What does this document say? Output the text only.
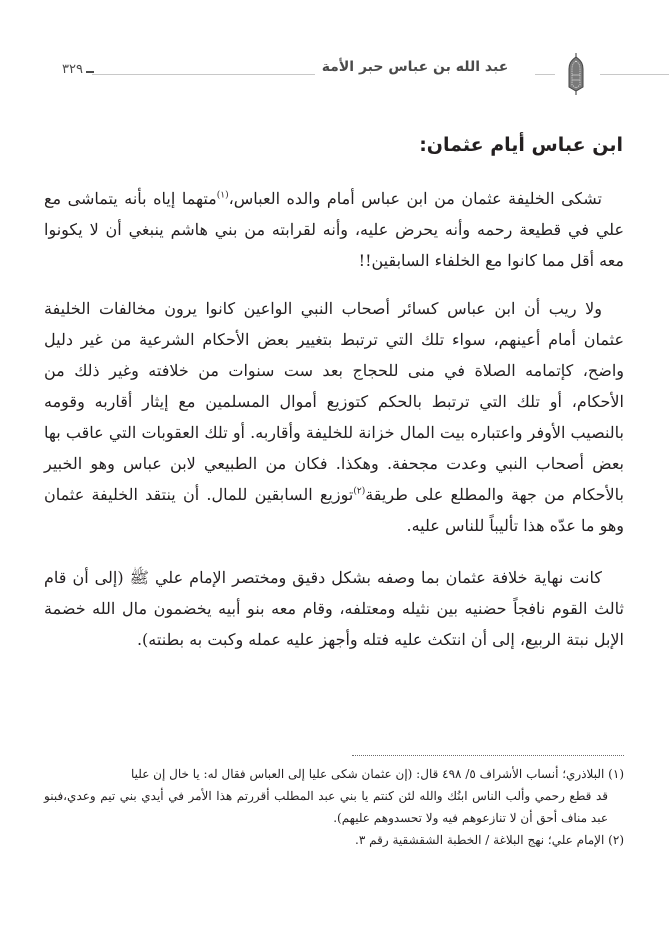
٣٢٩	عبد الله بن عباس حبر الأمة
ابن عباس أيام عثمان:

تشكى الخليفة عثمان من ابن عباس أمام والده العباس،$^{(١)}$متهما إياه بأنه يتماشى مع علي في قطيعة رحمه وأنه يحرض عليه، وأنه لقرابته من بني هاشم ينبغي أن لا يكونوا معه أقل مما كانوا مع الخلفاء السابقين!!

ولا ريب أن ابن عباس كسائر أصحاب النبي الواعين كانوا يرون مخالفات الخليفة عثمان أمام أعينهم، سواء تلك التي ترتبط بتغيير بعض الأحكام الشرعية من غير دليل واضح، كإتمامه الصلاة في منى للحجاج بعد ست سنوات من خلافته وغير ذلك من الأحكام، أو تلك التي ترتبط بالحكم كتوزيع أموال المسلمين مع إيثار أقاربه وقومه بالنصيب الأوفر واعتباره بيت المال خزانة للخليفة وأقاربه. أو تلك العقوبات التي عاقب بها بعض أصحاب النبي وعدت مجحفة. وهكذا. فكان من الطبيعي لابن عباس وهو الخبير بالأحكام من جهة والمطلع على طريقة$^{(٢)}$توزيع السابقين للمال. أن ينتقد الخليفة عثمان وهو ما عدّه هذا تأليباً للناس عليه.

كانت نهاية خلافة عثمان بما وصفه بشكل دقيق ومختصر الإمام علي ﷺ (إلى أن قام ثالث القوم نافجاً حضنيه بين نثيله ومعتلفه، وقام معه بنو أبيه يخضمون مال الله خضمة الإبل نبتة الربيع، إلى أن انتكث عليه فتله وأجهز عليه عمله وكبت به بطنته).

(١) البلاذري؛ أنساب الأشراف ٥/ ٤٩٨ قال: (إن عثمان شكى عليا إلى العباس فقال له: يا خال إن عليا
قد قطع رحمي وألب الناس ابنُك والله لئن كنتم يا بني عبد المطلب أقررتم هذا الأمر في أيدي بني تيم وعدي،فبنو عبد مناف أحق أن لا تنازعوهم فيه ولا تحسدوهم عليهم).
(٢) الإمام علي؛ نهج البلاغة / الخطبة الشقشقية رقم ٣.
